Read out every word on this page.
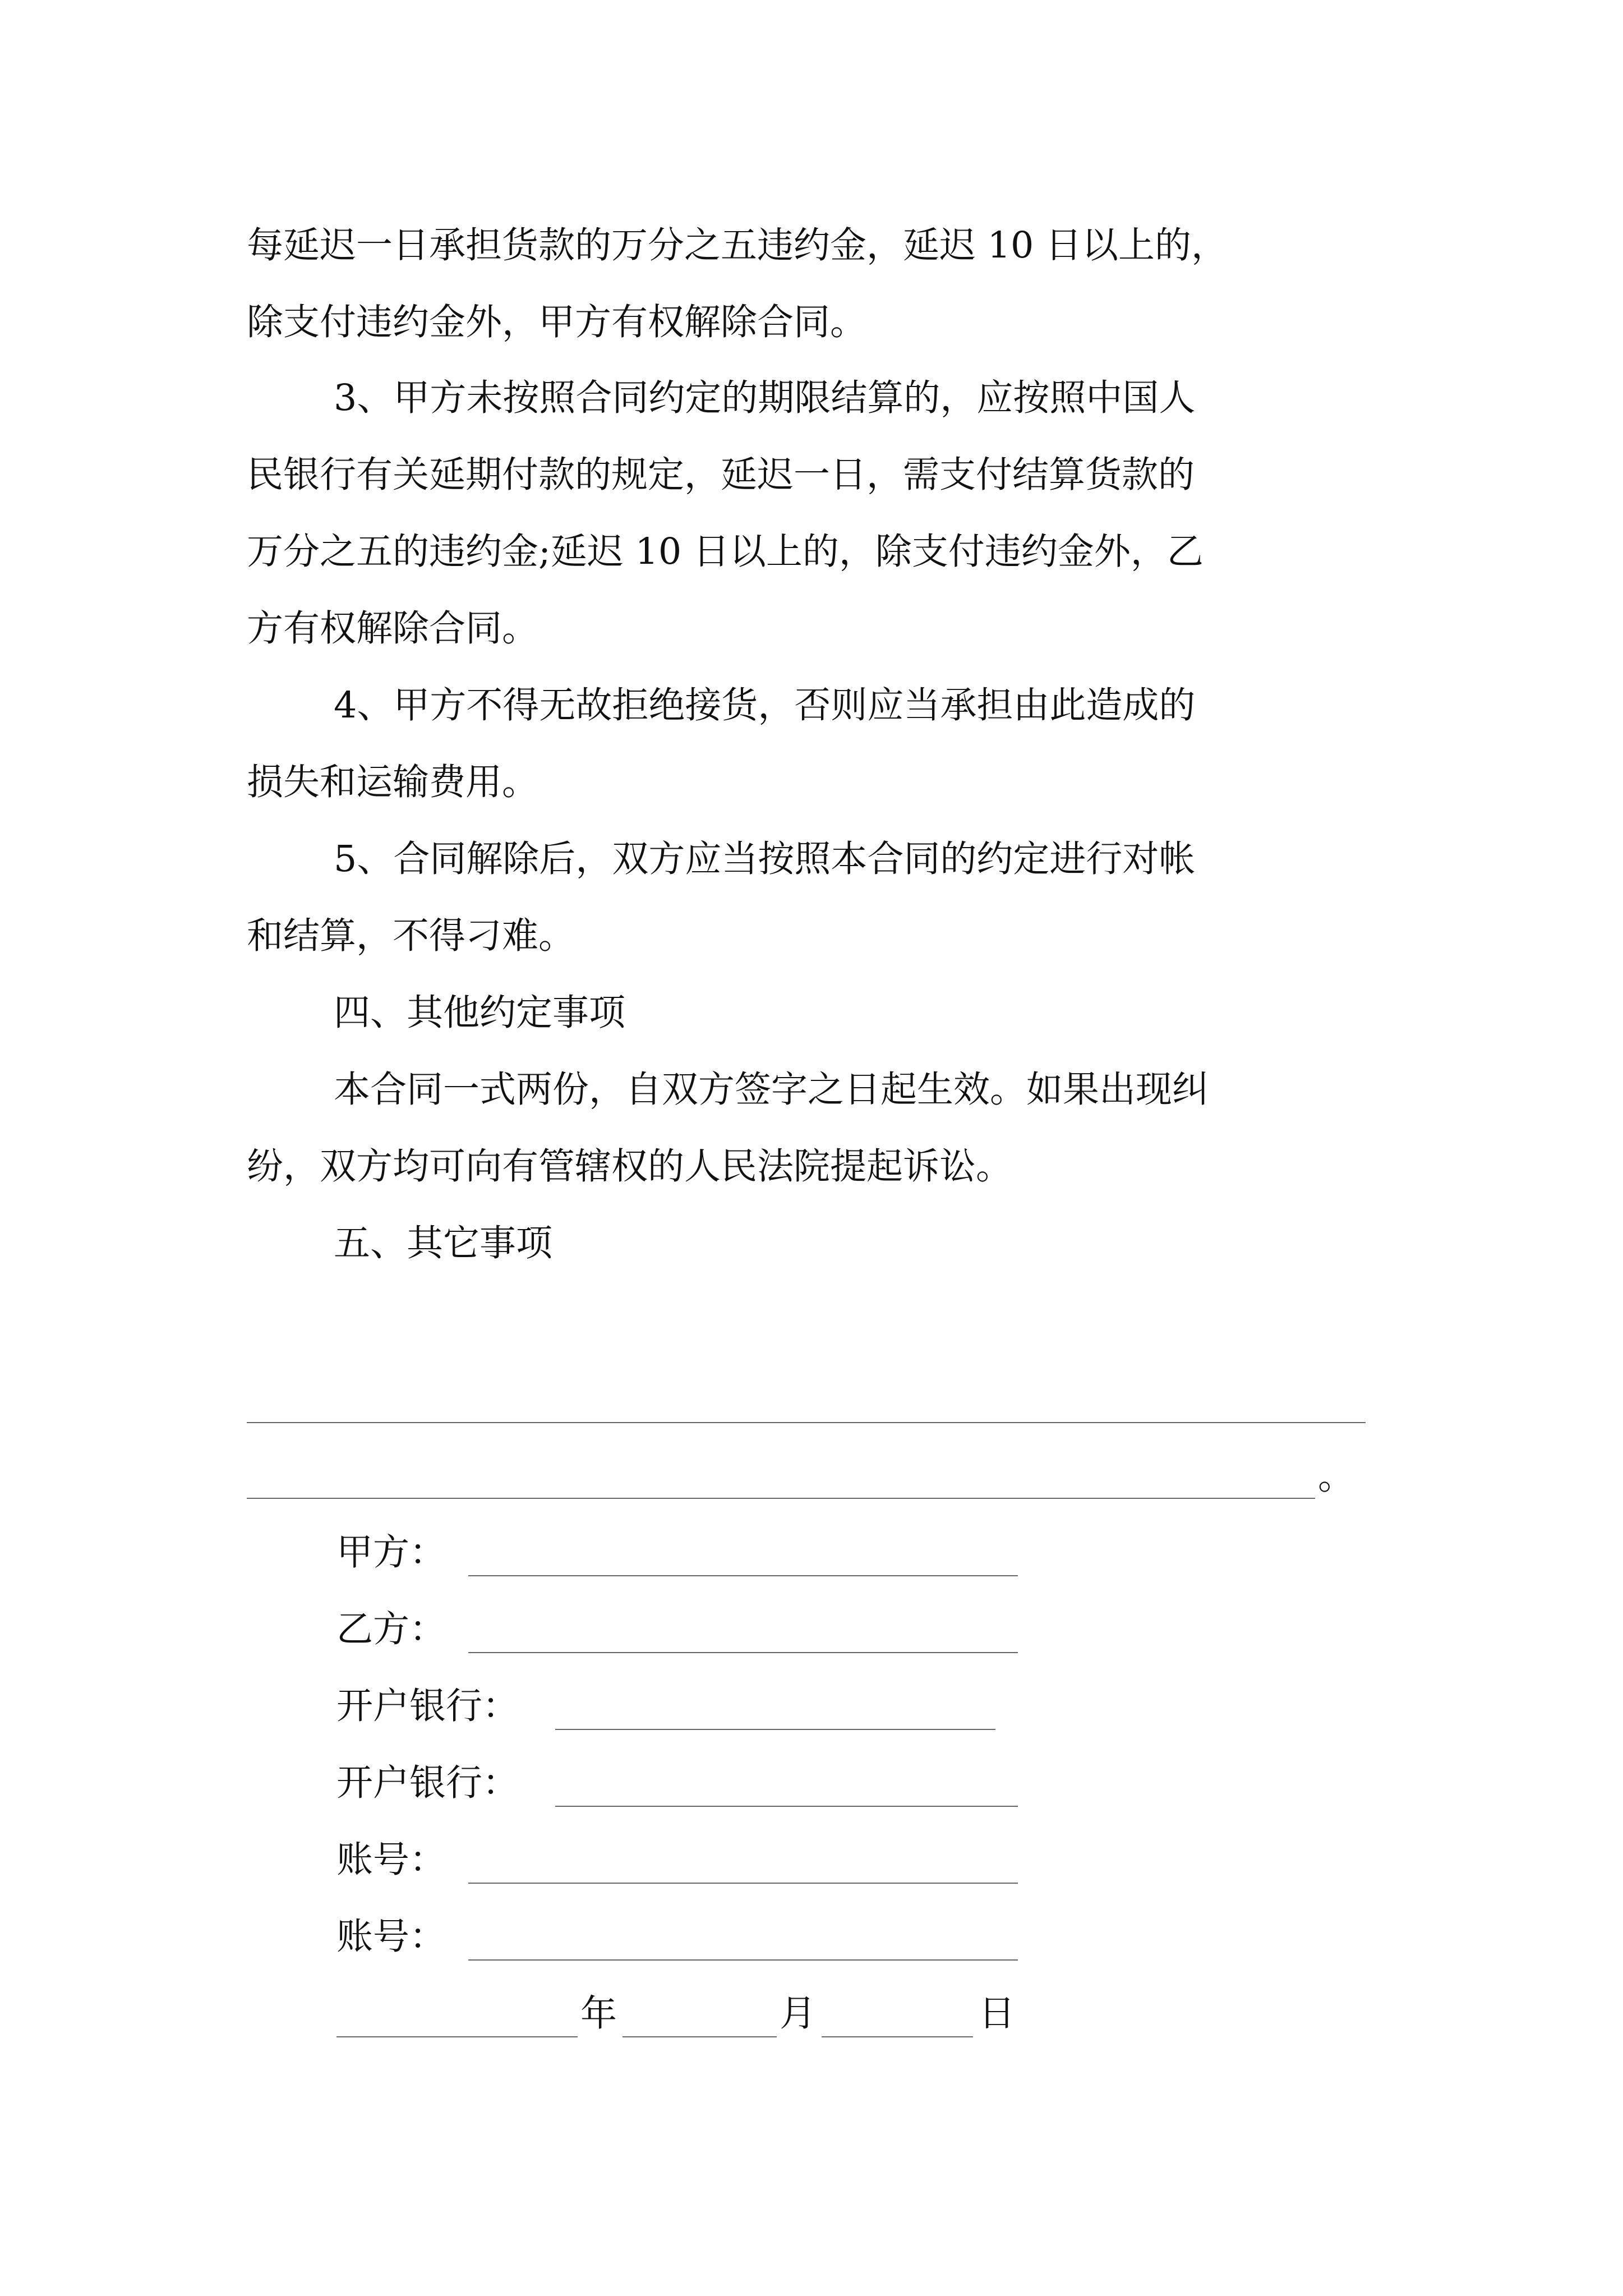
每延迟一日承担货款的万分之五违约金，延迟 10 日以上的，

除支付违约金外，甲方有权解除合同。

3、甲方未按照合同约定的期限结算的，应按照中国人

民银行有关延期付款的规定，延迟一日，需支付结算货款的

万分之五的违约金;延迟 10 日以上的，除支付违约金外，乙

方有权解除合同。

4、甲方不得无故拒绝接货，否则应当承担由此造成的

损失和运输费用。

5、合同解除后，双方应当按照本合同的约定进行对帐

和结算，不得刁难。

四、其他约定事项

本合同一式两份，自双方签字之日起生效。如果出现纠

纷，双方均可向有管辖权的人民法院提起诉讼。

五、其它事项

。
甲方：
乙方：
开户银行：
开户银行：
账号：
账号：
年	月	日
